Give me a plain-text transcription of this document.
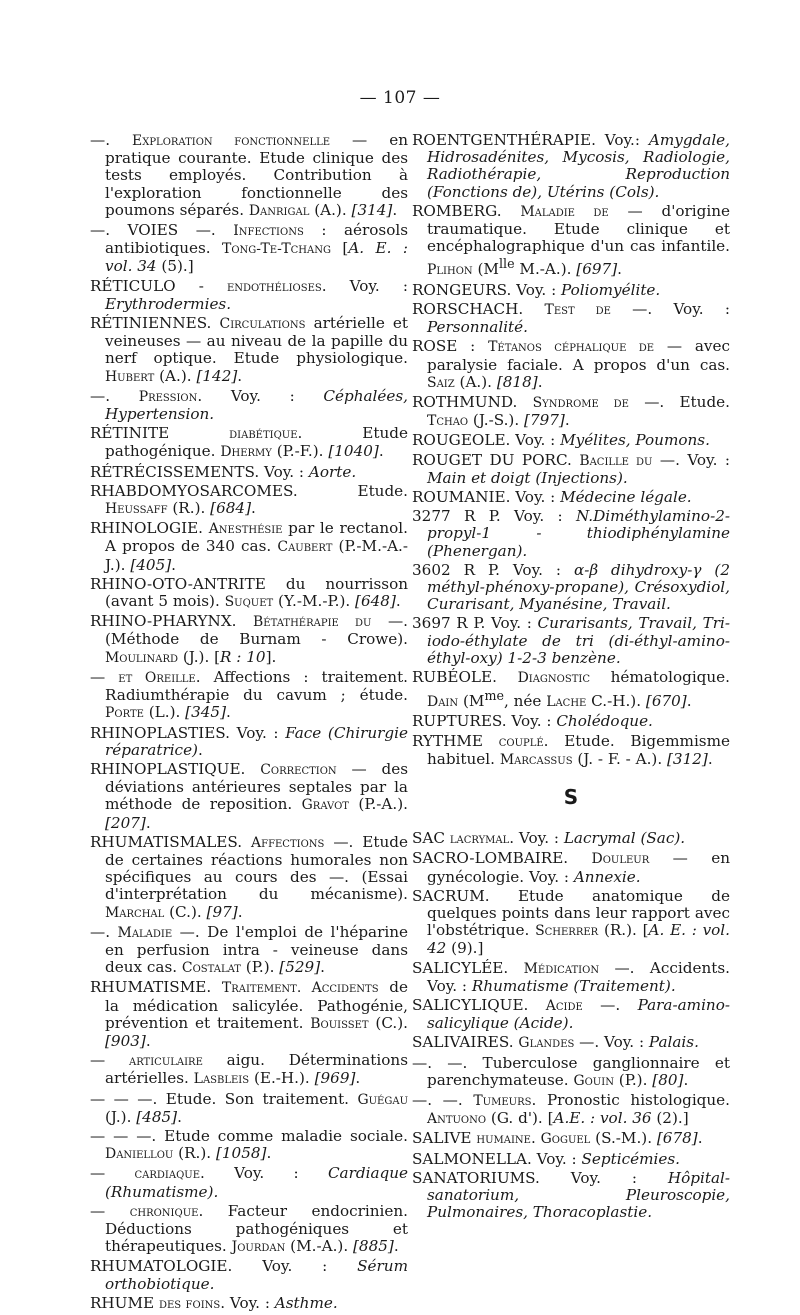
— 107 —
—. Exploration fonctionnelle — en pratique courante. Etude clinique des tests employés. Contribution à l'exploration fonctionnelle des poumons séparés. Danrigal (A.). [314].
—. VOIES —. Infections : aérosols antibiotiques. Tong-Te-Tchang [A. E. : vol. 34 (5).]
RÉTICULO - endothélioses. Voy. : Erythrodermies.
RÉTINIENNES. Circulations artérielle et veineuses — au niveau de la papille du nerf optique. Etude physiologique. Hubert (A.). [142].
—. Pression. Voy. : Céphalées, Hypertension.
RÉTINITE diabétique. Etude pathogénique. Dhermy (P.-F.). [1040].
RÉTRÉCISSEMENTS. Voy. : Aorte.
RHABDOMYOSARCOMES. Etude. Heussaff (R.). [684].
RHINOLOGIE. Anesthésie par le rectanol. A propos de 340 cas. Caubert (P.-M.-A.-J.). [405].
RHINO-OTO-ANTRITE du nourrisson (avant 5 mois). Suquet (Y.-M.-P.). [648].
RHINO-PHARYNX. Bétathérapie du —. (Méthode de Burnam - Crowe). Moulinard (J.). [R : 10].
— et Oreille. Affections : traitement. Radiumthérapie du cavum ; étude. Porte (L.). [345].
RHINOPLASTIES. Voy. : Face (Chirurgie réparatrice).
RHINOPLASTIQUE. Correction — des déviations antérieures septales par la méthode de reposition. Gravot (P.-A.). [207].
RHUMATISMALES. Affections —. Etude de certaines réactions humorales non spécifiques au cours des —. (Essai d'interprétation du mécanisme). Marchal (C.). [97].
—. Maladie —. De l'emploi de l'héparine en perfusion intra - veineuse dans deux cas. Costalat (P.). [529].
RHUMATISME. Traitement. Accidents de la médication salicylée. Pathogénie, prévention et traitement. Bouisset (C.). [903].
— articulaire aigu. Déterminations artérielles. Lasbleis (E.-H.). [969].
— — —. Etude. Son traitement. Guégau (J.). [485].
— — —. Etude comme maladie sociale. Daniellou (R.). [1058].
— cardiaque. Voy. : Cardiaque (Rhumatisme).
— chronique. Facteur endocrinien. Déductions pathogéniques et thérapeutiques. Jourdan (M.-A.). [885].
RHUMATOLOGIE. Voy. : Sérum orthobiotique.
RHUME des foins. Voy. : Asthme.
ROENTGENTHÉRAPIE. Voy.: Amygdale, Hidrosadénites, Mycosis, Radiologie, Radiothérapie, Reproduction (Fonctions de), Utérins (Cols).
ROMBERG. Maladie de — d'origine traumatique. Etude clinique et encéphalographique d'un cas infantile. Plihon ($M^{lle}$ M.-A.). [697].
RONGEURS. Voy. : Poliomyélite.
RORSCHACH. Test de —. Voy. : Personnalité.
ROSE : Tétanos céphalique de — avec paralysie faciale. A propos d'un cas. Saiz (A.). [818].
ROTHMUND. Syndrome de —. Etude. Tchao (J.-S.). [797].
ROUGEOLE. Voy. : Myélites, Poumons.
ROUGET DU PORC. Bacille du —. Voy. : Main et doigt (Injections).
ROUMANIE. Voy. : Médecine légale.
3277 R P. Voy. : N.Diméthylamino-2-propyl-1 - thiodiphénylamine (Phenergan).
3602 R P. Voy. : α-β dihydroxy-γ (2 méthyl-phénoxy-propane), Crésoxydiol, Curarisant, Myanésine, Travail.
3697 R P. Voy. : Curarisants, Travail, Tri-iodo-éthylate de tri (di-éthyl-amino-éthyl-oxy) 1-2-3 benzène.
RUBÉOLE. Diagnostic hématologique. Dain ($M^{me}$, née Lache C.-H.). [670].
RUPTURES. Voy. : Cholédoque.
RYTHME couplé. Etude. Bigemmisme habituel. Marcassus (J. - F. - A.). [312].
S
SAC lacrymal. Voy. : Lacrymal (Sac).
SACRO-LOMBAIRE. Douleur — en gynécologie. Voy. : Annexie.
SACRUM. Etude anatomique de quelques points dans leur rapport avec l'obstétrique. Scherrer (R.). [A. E. : vol. 42 (9).]
SALICYLÉE. Médication —. Accidents. Voy. : Rhumatisme (Traitement).
SALICYLIQUE. Acide —. Para-amino-salicylique (Acide).
SALIVAIRES. Glandes —. Voy. : Palais.
—. —. Tuberculose ganglionnaire et parenchymateuse. Gouin (P.). [80].
—. —. Tumeurs. Pronostic histologique. Antuono (G. d'). [A.E. : vol. 36 (2).]
SALIVE humaine. Goguel (S.-M.). [678].
SALMONELLA. Voy. : Septicémies.
SANATORIUMS. Voy. : Hôpital-sanatorium, Pleuroscopie, Pulmonaires, Thoracoplastie.
